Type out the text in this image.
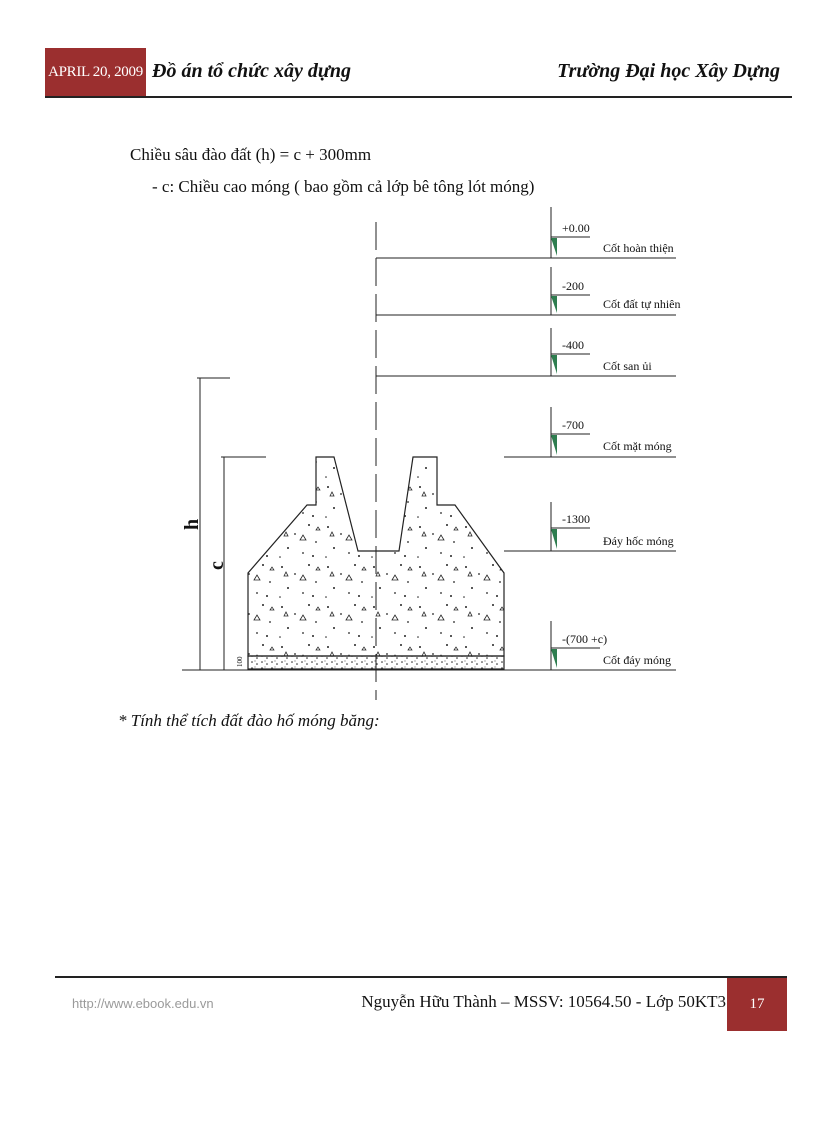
APRIL 20, 2009 Đồ án tổ chức xây dựng	Trường Đại học Xây Dựng
Chiều sâu đào đất (h) = c + 300mm
- c: Chiều cao móng ( bao gồm cả lớp bê tông lót móng)
100
h
c
+0.00
Cốt hoàn thiện
-200
Cốt đất tự nhiên
-400
Cốt san ủi
-700
Cốt mặt móng
-1300
Đáy hốc móng
-(700 +c)
Cốt đáy móng
* Tính thể tích đất đào hố móng băng:
http://www.ebook.edu.vn	Nguyễn Hữu Thành – MSSV: 10564.50 - Lớp 50KT3	17
